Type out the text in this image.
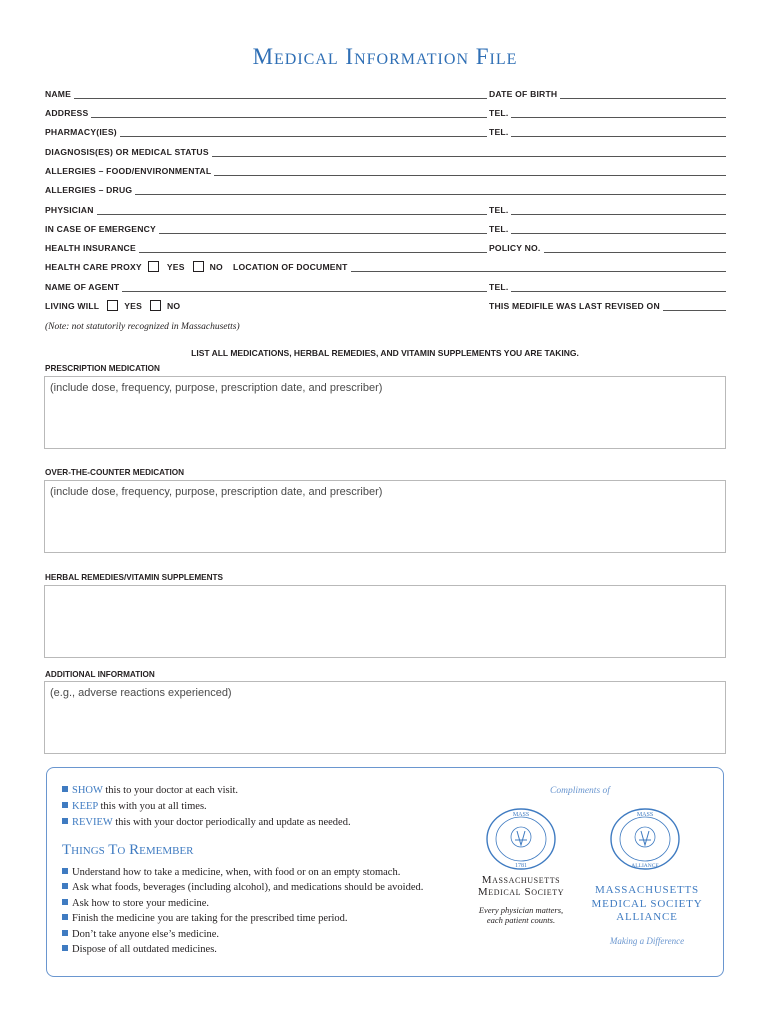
Medical Information File
NAME	DATE OF BIRTH
ADDRESS	TEL.
PHARMACY(IES)	TEL.
DIAGNOSIS(ES) OR MEDICAL STATUS
ALLERGIES – FOOD/ENVIRONMENTAL
ALLERGIES – DRUG
PHYSICIAN	TEL.
IN CASE OF EMERGENCY	TEL.
HEALTH INSURANCE	POLICY NO.
HEALTH CARE PROXY	YES	NO LOCATION OF DOCUMENT
NAME OF AGENT	TEL.
LIVING WILL	YES	NO	THIS MEDIFILE WAS LAST REVISED ON
(Note: not statutorily recognized in Massachusetts)
LIST ALL MEDICATIONS, HERBAL REMEDIES, AND VITAMIN SUPPLEMENTS YOU ARE TAKING.
PRESCRIPTION MEDICATION
(include dose, frequency, purpose, prescription date, and prescriber)
OVER-THE-COUNTER MEDICATION
(include dose, frequency, purpose, prescription date, and prescriber)
HERBAL REMEDIES/VITAMIN SUPPLEMENTS
ADDITIONAL INFORMATION
(e.g., adverse reactions experienced)
SHOW this to your doctor at each visit.
KEEP this with you at all times.
REVIEW this with your doctor periodically and update as needed.
Things To Remember
Understand how to take a medicine, when, with food or on an empty stomach.
Ask what foods, beverages (including alcohol), and medications should be avoided.
Ask how to store your medicine.
Finish the medicine you are taking for the prescribed time period.
Don’t take anyone else’s medicine.
Dispose of all outdated medicines.
Compliments of
MASS
1781
MASS
ALLIANCE
Massachusetts
Medical Society
Every physician matters,
each patient counts.
MASSACHUSETTS
MEDICAL SOCIETY
ALLIANCE
Making a Difference
